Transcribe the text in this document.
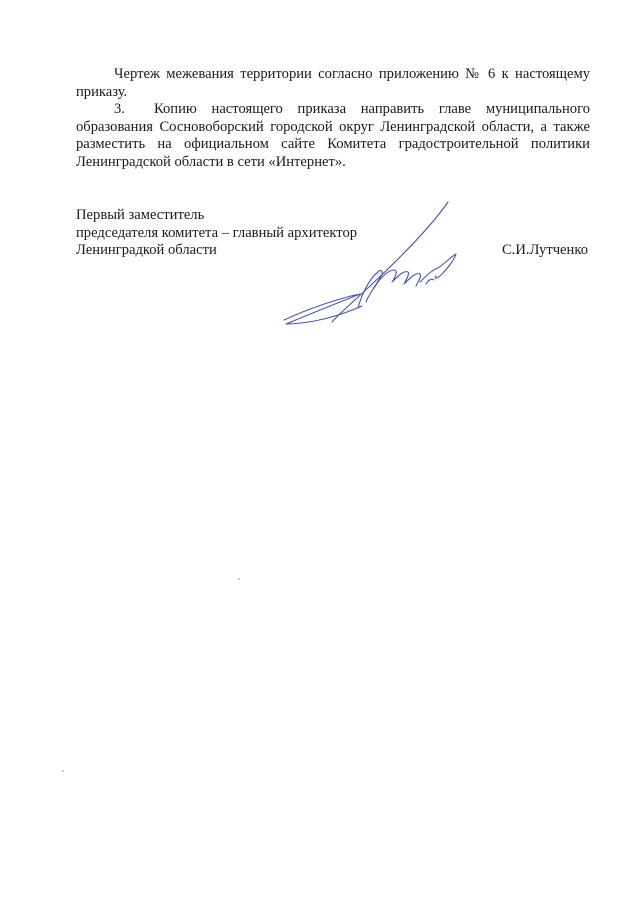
Чертеж межевания территории согласно приложению № 6 к настоящему приказу.

3. Копию настоящего приказа направить главе муниципального образования Сосновоборский городской округ Ленинградской области, а также разместить на официальном сайте Комитета градостроительной политики Ленинградской области в сети «Интернет».

Первый заместитель
председателя комитета – главный архитектор
Ленинградкой области	С.И.Лутченко
